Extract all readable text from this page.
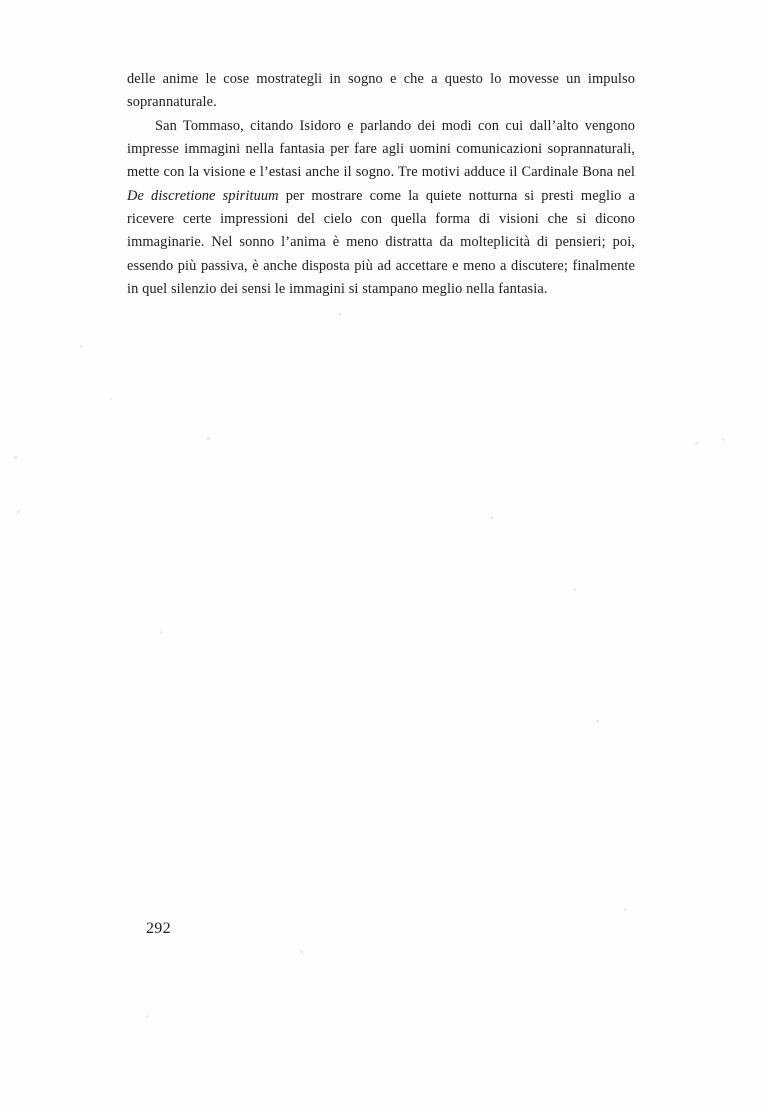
delle anime le cose mostrategli in sogno e che a questo lo movesse un impulso soprannaturale.

San Tommaso, citando Isidoro e parlando dei modi con cui dall’alto vengono impresse immagini nella fantasia per fare agli uomini comunicazioni soprannaturali, mette con la visione e l’estasi anche il sogno. Tre motivi adduce il Cardinale Bona nel De discretione spirituum per mostrare come la quiete notturna si presti meglio a ricevere certe impressioni del cielo con quella forma di visioni che si dicono immaginarie. Nel sonno l’anima è meno distratta da molteplicità di pensieri; poi, essendo più passiva, è anche disposta più ad accettare e meno a discutere; finalmente in quel silenzio dei sensi le immagini si stampano meglio nella fantasia.

292
